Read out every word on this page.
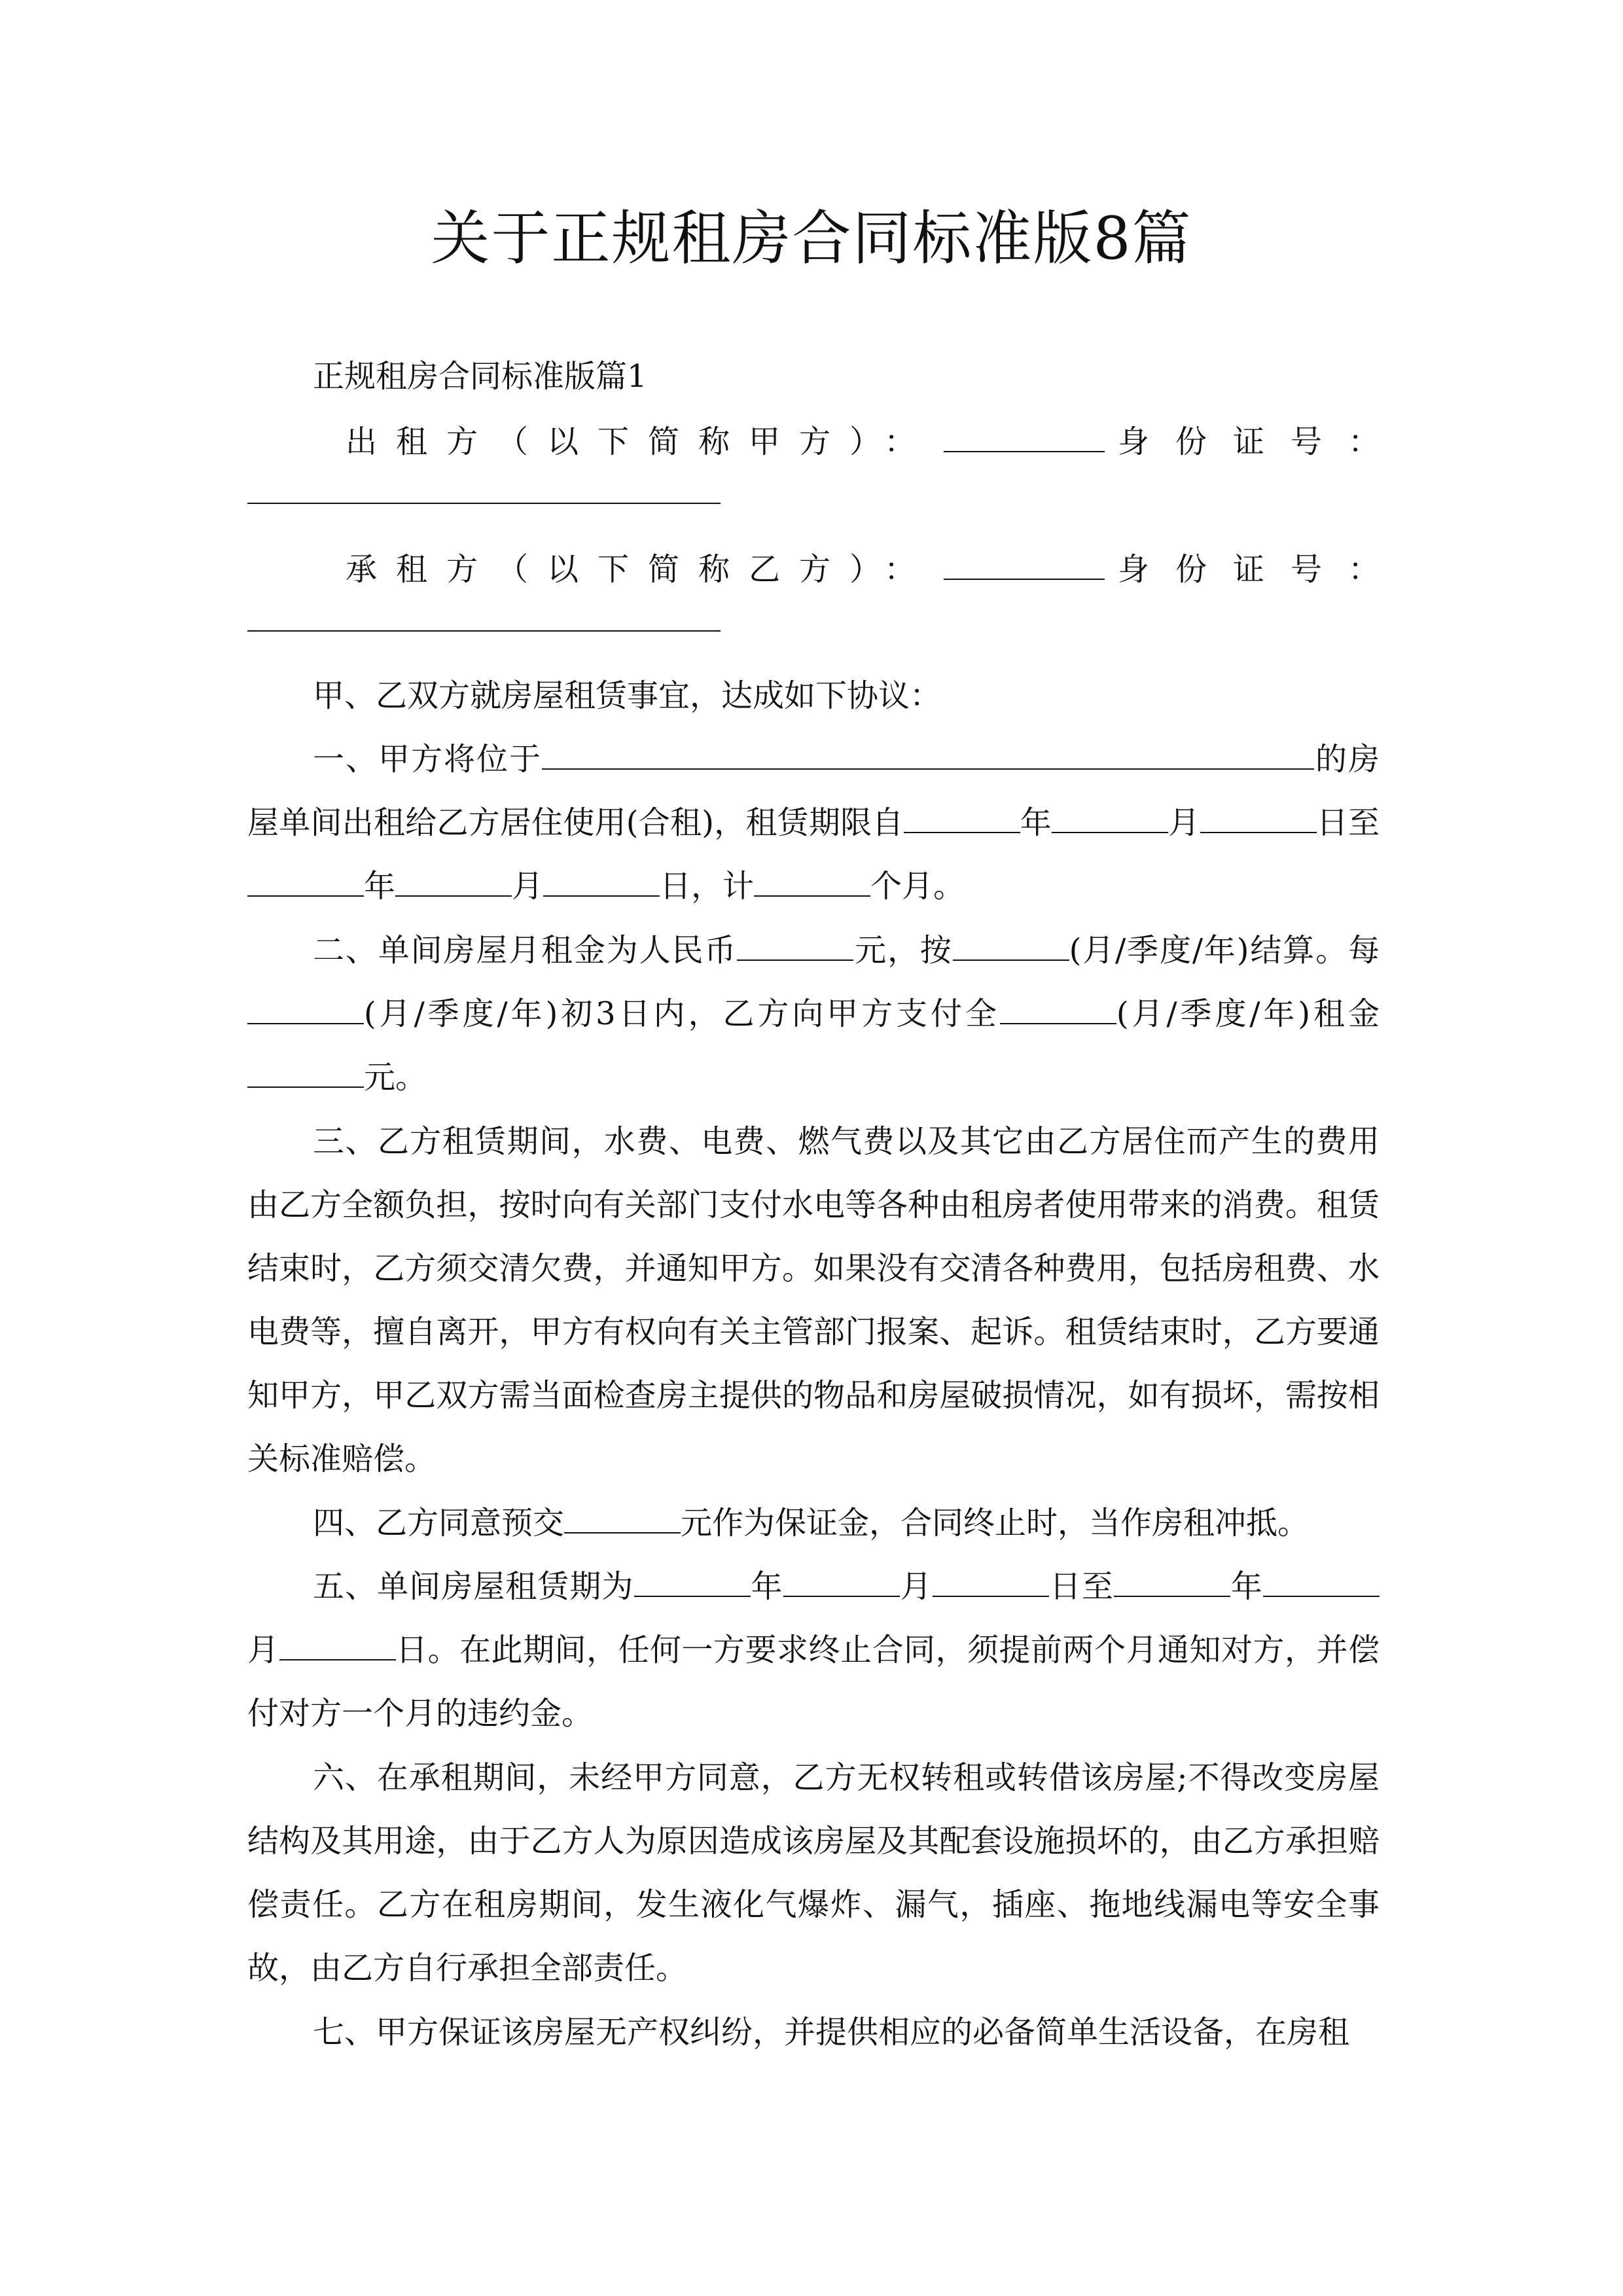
关于正规租房合同标准版8篇

正规租房合同标准版篇1

出租方（以下简称甲方）：	身份证号 ：
承租方（以下简称乙方）：	身份证号 ：

甲、乙双方就房屋租赁事宜，达成如下协议：

一、甲方将位于	的房屋单间出租给乙方居住使用(合租)，租赁期限自	年	月	日至年	月	日，计	个月。

二、单间房屋月租金为人民币	元，按	(月/季度/年)结算。每(月/季度/年)初3日内，乙方向甲方支付全	(月/季度/年)租金元。

三、乙方租赁期间，水费、电费、燃气费以及其它由乙方居住而产生的费用由乙方全额负担，按时向有关部门支付水电等各种由租房者使用带来的消费。租赁结束时，乙方须交清欠费，并通知甲方。如果没有交清各种费用，包括房租费、水电费等，擅自离开，甲方有权向有关主管部门报案、起诉。租赁结束时，乙方要通知甲方，甲乙双方需当面检查房主提供的物品和房屋破损情况，如有损坏，需按相关标准赔偿。

四、乙方同意预交	元作为保证金，合同终止时，当作房租冲抵。

五、单间房屋租赁期为	年	月	日至	年月	日。在此期间，任何一方要求终止合同，须提前两个月通知对方，并偿付对方一个月的违约金。

六、在承租期间，未经甲方同意，乙方无权转租或转借该房屋;不得改变房屋结构及其用途，由于乙方人为原因造成该房屋及其配套设施损坏的，由乙方承担赔偿责任。乙方在租房期间，发生液化气爆炸、漏气，插座、拖地线漏电等安全事故，由乙方自行承担全部责任。

七、甲方保证该房屋无产权纠纷，并提供相应的必备简单生活设备，在房租
